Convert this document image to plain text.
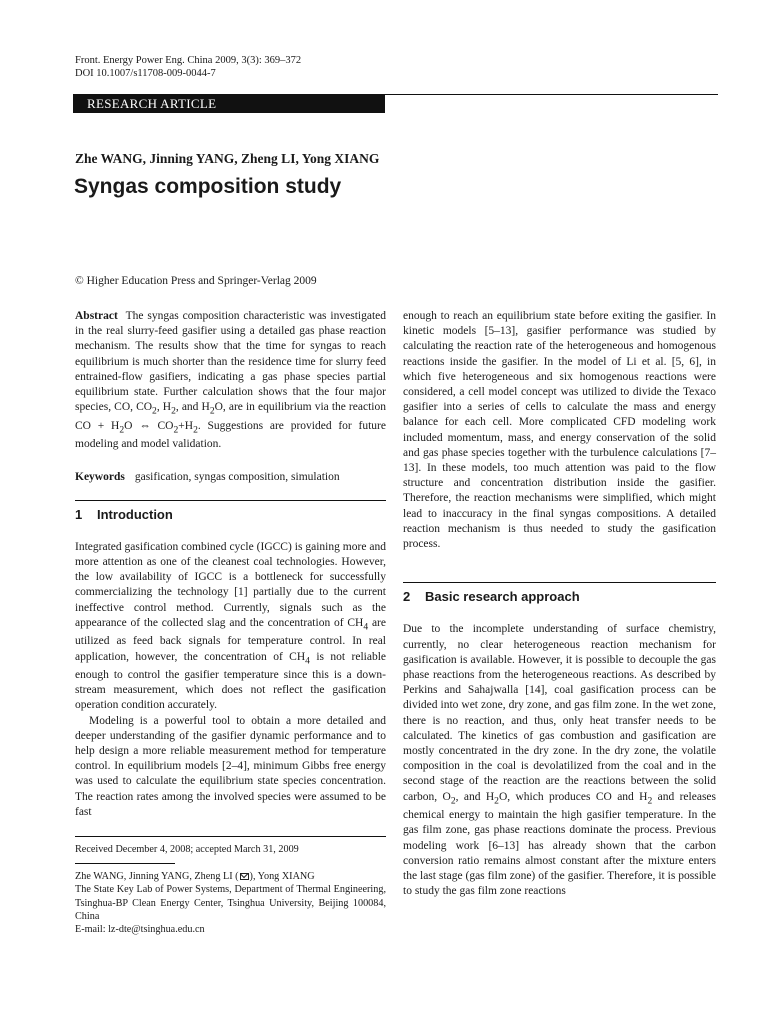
Front. Energy Power Eng. China 2009, 3(3): 369–372
DOI 10.1007/s11708-009-0044-7
RESEARCH ARTICLE
Zhe WANG, Jinning YANG, Zheng LI, Yong XIANG
Syngas composition study
© Higher Education Press and Springer-Verlag 2009

Abstract The syngas composition characteristic was investigated in the real slurry-feed gasifier using a detailed gas phase reaction mechanism. The results show that the time for syngas to reach equilibrium is much shorter than the residence time for slurry feed entrained-flow gasifiers, indicating a gas phase species partial equilibrium state. Further calculation shows that the four major species, CO, $CO_2$, $H_2$, and $H_2O$, are in equilibrium via the reaction CO + $H_2O$ ⇔ $CO_2+H_2$. Suggestions are provided for future modeling and model validation.

Keywords gasification, syngas composition, simulation

1 Introduction

Integrated gasification combined cycle (IGCC) is gaining more and more attention as one of the cleanest coal technologies. However, the low availability of IGCC is a bottleneck for successfully commercializing the technology [1] partially due to the current ineffective control method. Currently, signals such as the appearance of the collected slag and the concentration of $CH_4$ are utilized as feed back signals for temperature control. In real application, however, the concentration of $CH_4$ is not reliable enough to control the gasifier temperature since this is a down-stream measurement, which does not reflect the gasification operation condition accurately.

Modeling is a powerful tool to obtain a more detailed and deeper understanding of the gasifier dynamic performance and to help design a more reliable measurement method for temperature control. In equilibrium models [2–4], minimum Gibbs free energy was used to calculate the equilibrium state species concentration. The reaction rates among the involved species were assumed to be fast

Received December 4, 2008; accepted March 31, 2009

Zhe WANG, Jinning YANG, Zheng LI ( ), Yong XIANG

The State Key Lab of Power Systems, Department of Thermal Engineering, Tsinghua-BP Clean Energy Center, Tsinghua University, Beijing 100084, China

E-mail: lz-dte@tsinghua.edu.cn

enough to reach an equilibrium state before exiting the gasifier. In kinetic models [5–13], gasifier performance was studied by calculating the reaction rate of the heterogeneous and homogenous reactions inside the gasifier. In the model of Li et al. [5, 6], in which five heterogeneous and six homogenous reactions were considered, a cell model concept was utilized to divide the Texaco gasifier into a series of cells to calculate the mass and energy balance for each cell. More complicated CFD modeling work included momentum, mass, and energy conservation of the solid and gas phase species together with the turbulence calculations [7–13]. In these models, too much attention was paid to the flow structure and concentration distribution inside the gasifier. Therefore, the reaction mechanisms were simplified, which might lead to inaccuracy in the final syngas compositions. A detailed reaction mechanism is thus needed to study the gasification process.

2 Basic research approach

Due to the incomplete understanding of surface chemistry, currently, no clear heterogeneous reaction mechanism for gasification is available. However, it is possible to decouple the gas phase reactions from the heterogeneous reactions. As described by Perkins and Sahajwalla [14], coal gasification process can be divided into wet zone, dry zone, and gas film zone. In the wet zone, there is no reaction, and thus, only heat transfer needs to be calculated. The kinetics of gas combustion and gasification are mostly concentrated in the dry zone. In the dry zone, the volatile composition in the coal is devolatilized from the coal and in the second stage of the reaction are the reactions between the solid carbon, $O_2$, and $H_2O$, which produces CO and $H_2$ and releases chemical energy to maintain the high gasifier temperature. In the gas film zone, gas phase reactions dominate the process. Previous modeling work [6–13] has already shown that the carbon conversion ratio remains almost constant after the mixture enters the last stage (gas film zone) of the gasifier. Therefore, it is possible to study the gas film zone reactions
